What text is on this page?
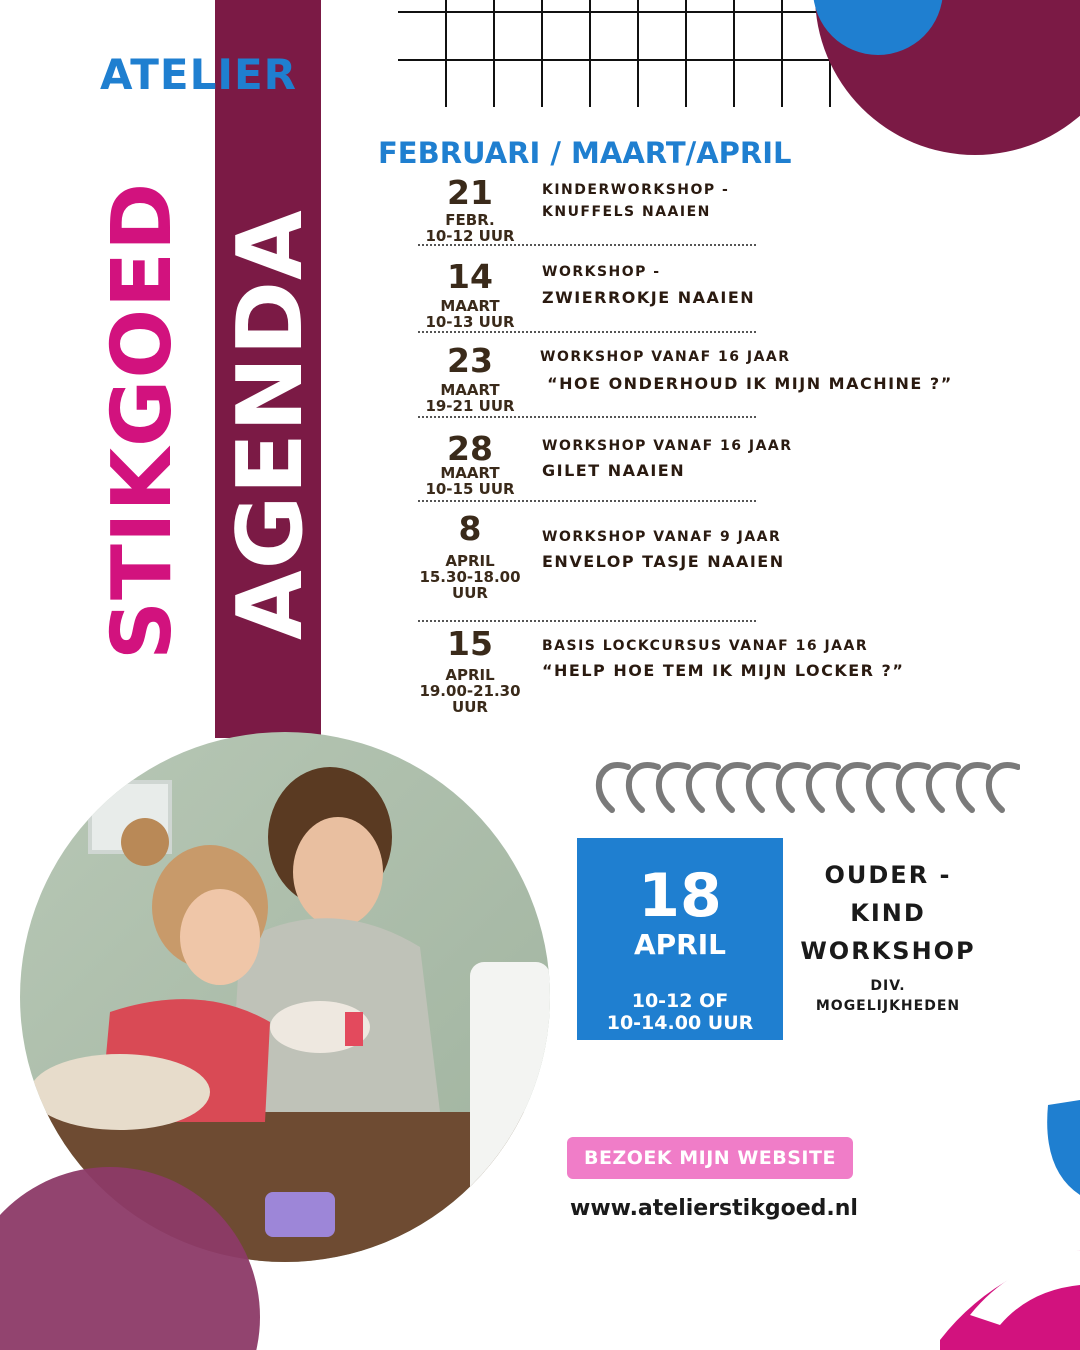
ATELIER
STIKGOED AGENDA
FEBRUARI / MAART/APRIL
21
FEBR.
10-12 UUR
KINDERWORKSHOP -
KNUFFELS NAAIEN
14
MAART
10-13 UUR
WORKSHOP -
ZWIERROKJE NAAIEN
23
MAART
19-21 UUR
WORKSHOP VANAF 16 JAAR
“HOE ONDERHOUD IK MIJN MACHINE ?”
28
MAART
10-15 UUR
WORKSHOP VANAF 16 JAAR
GILET NAAIEN
8
APRIL
15.30-18.00
UUR
WORKSHOP VANAF 9 JAAR
ENVELOP TASJE NAAIEN
15
APRIL
19.00-21.30
UUR
BASIS LOCKCURSUS VANAF 16 JAAR
“HELP HOE TEM IK MIJN LOCKER ?”
18
APRIL
10-12 OF
10-14.00 UUR
OUDER -
KIND
WORKSHOP
DIV.
MOGELIJKHEDEN
BEZOEK MIJN WEBSITE
www.atelierstikgoed.nl
